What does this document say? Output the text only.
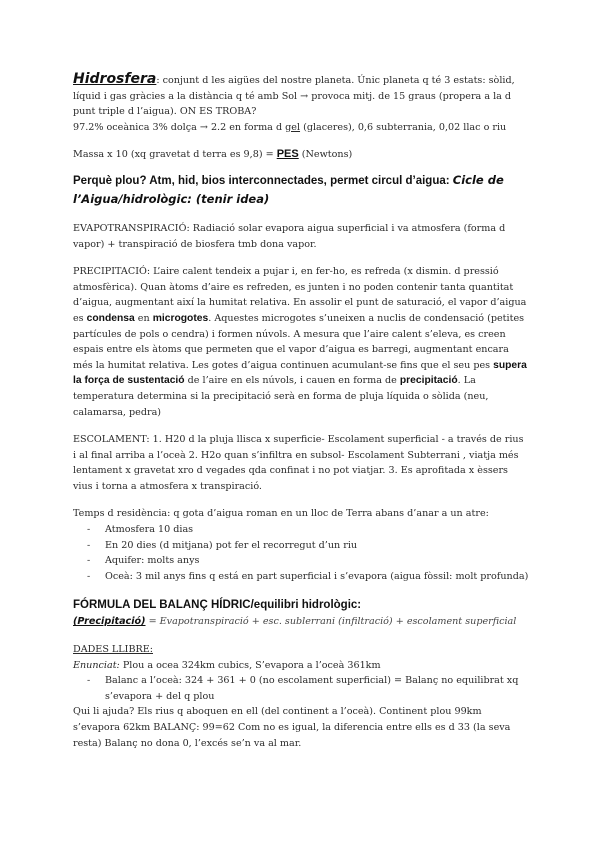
Hidrosfera: conjunt d les aigües del nostre planeta. Únic planeta q té 3 estats: sòlid, líquid i gas gràcies a la distància q té amb Sol → provoca mitj. de 15 graus (propera a la d punt triple d l’aigua). ON ES TROBA?

97.2% oceànica 3% dolça → 2.2 en forma d gel (glaceres), 0,6 subterrania, 0,02 llac o riu

Massa x 10 (xq gravetat d terra es 9,8) = PES (Newtons)

Perquè plou? Atm, hid, bios interconnectades, permet circul d’aigua: Cicle de l’Aigua/hidrològic: (tenir idea)

EVAPOTRANSPIRACIÓ: Radiació solar evapora aigua superficial i va atmosfera (forma d vapor) + transpiració de biosfera tmb dona vapor.

PRECIPITACIÓ: L’aire calent tendeix a pujar i, en fer-ho, es refreda (x dismin. d pressió atmosfèrica). Quan àtoms d’aire es refreden, es junten i no poden contenir tanta quantitat d’aigua, augmentant així la humitat relativa. En assolir el punt de saturació, el vapor d’aigua es condensa en microgotes. Aquestes microgotes s’uneixen a nuclis de condensació (petites partícules de pols o cendra) i formen núvols. A mesura que l’aire calent s’eleva, es creen espais entre els àtoms que permeten que el vapor d’aigua es barregi, augmentant encara més la humitat relativa. Les gotes d’aigua continuen acumulant-se fins que el seu pes supera la força de sustentació de l’aire en els núvols, i cauen en forma de precipitació. La temperatura determina si la precipitació serà en forma de pluja líquida o sòlida (neu, calamarsa, pedra)

ESCOLAMENT: 1. H20 d la pluja llisca x superficie- Escolament superficial - a través de rius i al final arriba a l’oceà 2. H2o quan s’infiltra en subsol- Escolament Subterrani , viatja més lentament x gravetat xro d vegades qda confinat i no pot viatjar. 3. Es aprofitada x èssers vius i torna a atmosfera x transpiració.

Temps d residència: q gota d’aigua roman en un lloc de Terra abans d’anar a un atre:

- Atmosfera 10 dias
- En 20 dies (d mitjana) pot fer el recorregut d’un riu
- Aquifer: molts anys
- Oceà: 3 mil anys fins q está en part superficial i s’evapora (aigua fòssil: molt profunda)

FÓRMULA DEL BALANÇ HÍDRIC/equilibri hidrològic:

(Precipitació) = Evapotranspiració + esc. sublerrani (infiltració) + escolament superficial

DADES LLIBRE:

Enunciat: Plou a ocea 324km cubics, S’evapora a l’oceà 361km

- Balanc a l’oceà: 324 + 361 + 0 (no escolament superficial) = Balanç no equilibrat xq s’evapora + del q plou

Qui li ajuda? Els rius q aboquen en ell (del continent a l’oceà). Continent plou 99km s’evapora 62km BALANÇ: 99=62 Com no es igual, la diferencia entre ells es d 33 (la seva resta) Balanç no dona 0, l’excés se’n va al mar.
